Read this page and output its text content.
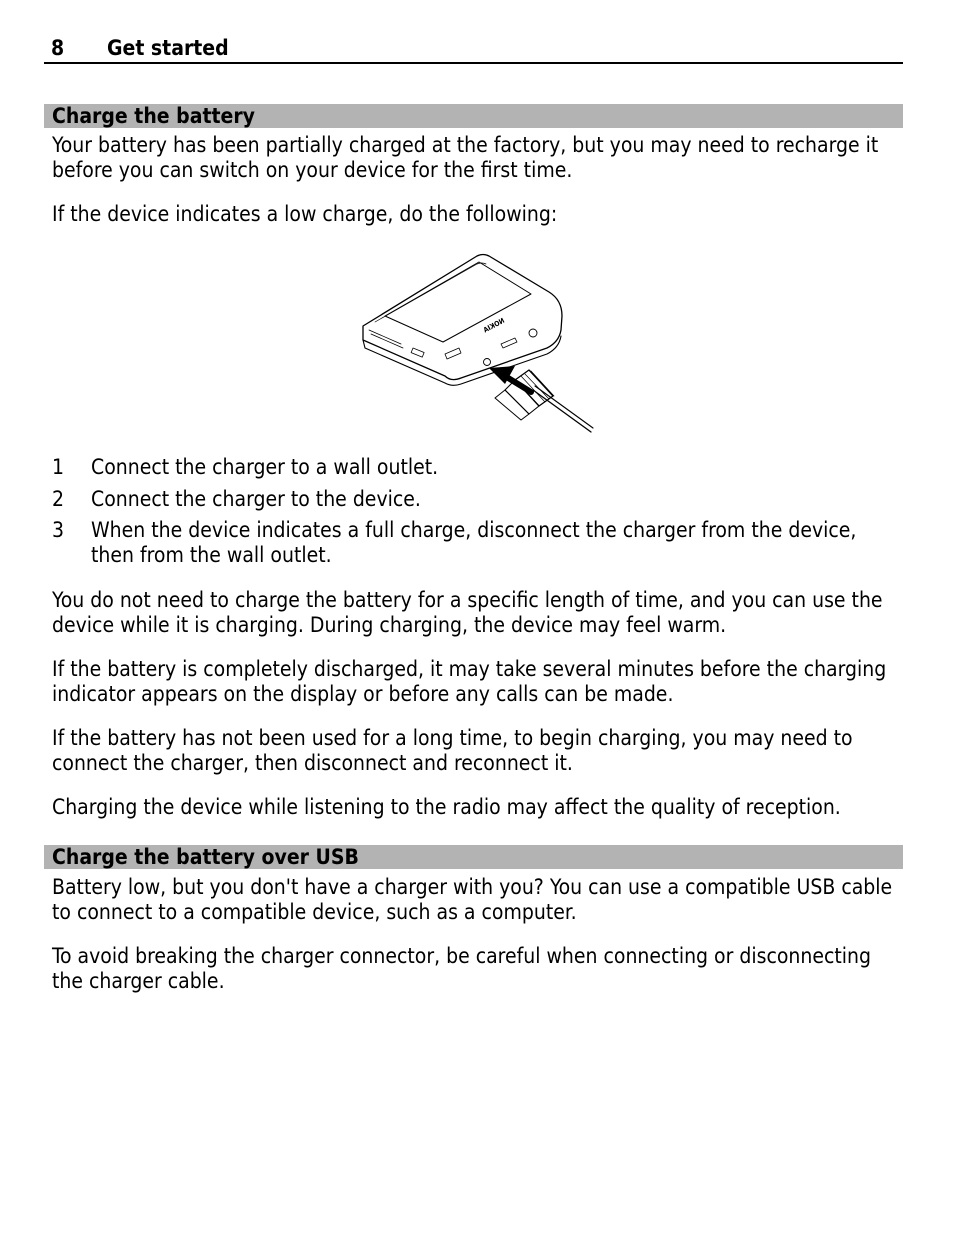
8 Get started
Charge the battery

Your battery has been partially charged at the factory, but you may need to recharge it before you can switch on your device for the first time.

If the device indicates a low charge, do the following:

NOKIA
1 Connect the charger to a wall outlet.
2 Connect the charger to the device.
3 When the device indicates a full charge, disconnect the charger from the device, then from the wall outlet.

You do not need to charge the battery for a specific length of time, and you can use the device while it is charging. During charging, the device may feel warm.

If the battery is completely discharged, it may take several minutes before the charging indicator appears on the display or before any calls can be made.

If the battery has not been used for a long time, to begin charging, you may need to connect the charger, then disconnect and reconnect it.

Charging the device while listening to the radio may affect the quality of reception.

Charge the battery over USB

Battery low, but you don't have a charger with you? You can use a compatible USB cable to connect to a compatible device, such as a computer.

To avoid breaking the charger connector, be careful when connecting or disconnecting the charger cable.
